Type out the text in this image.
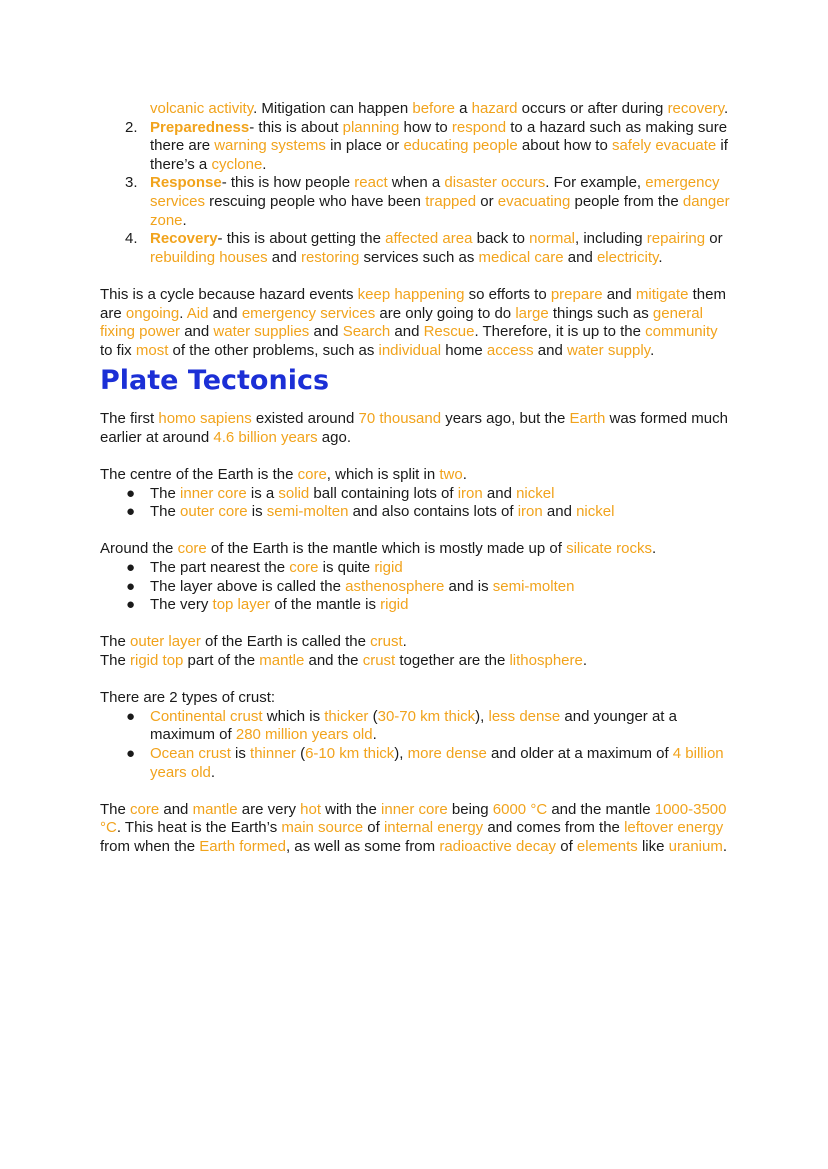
volcanic activity. Mitigation can happen before a hazard occurs or after during recovery.

2. Preparedness- this is about planning how to respond to a hazard such as making sure there are warning systems in place or educating people about how to safely evacuate if there’s a cyclone.
3. Response- this is how people react when a disaster occurs. For example, emergency services rescuing people who have been trapped or evacuating people from the danger zone.
4. Recovery- this is about getting the affected area back to normal, including repairing or rebuilding houses and restoring services such as medical care and electricity.

This is a cycle because hazard events keep happening so efforts to prepare and mitigate them are ongoing. Aid and emergency services are only going to do large things such as general fixing power and water supplies and Search and Rescue. Therefore, it is up to the community to fix most of the other problems, such as individual home access and water supply.

Plate Tectonics

The first homo sapiens existed around 70 thousand years ago, but the Earth was formed much earlier at around 4.6 billion years ago.

The centre of the Earth is the core, which is split in two.

● The inner core is a solid ball containing lots of iron and nickel
● The outer core is semi-molten and also contains lots of iron and nickel

Around the core of the Earth is the mantle which is mostly made up of silicate rocks.

● The part nearest the core is quite rigid
● The layer above is called the asthenosphere and is semi-molten
● The very top layer of the mantle is rigid

The outer layer of the Earth is called the crust.

The rigid top part of the mantle and the crust together are the lithosphere.

There are 2 types of crust:

● Continental crust which is thicker (30-70 km thick), less dense and younger at a maximum of 280 million years old.
● Ocean crust is thinner (6-10 km thick), more dense and older at a maximum of 4 billion years old.

The core and mantle are very hot with the inner core being 6000 °C and the mantle 1000-3500 °C. This heat is the Earth’s main source of internal energy and comes from the leftover energy from when the Earth formed, as well as some from radioactive decay of elements like uranium.
